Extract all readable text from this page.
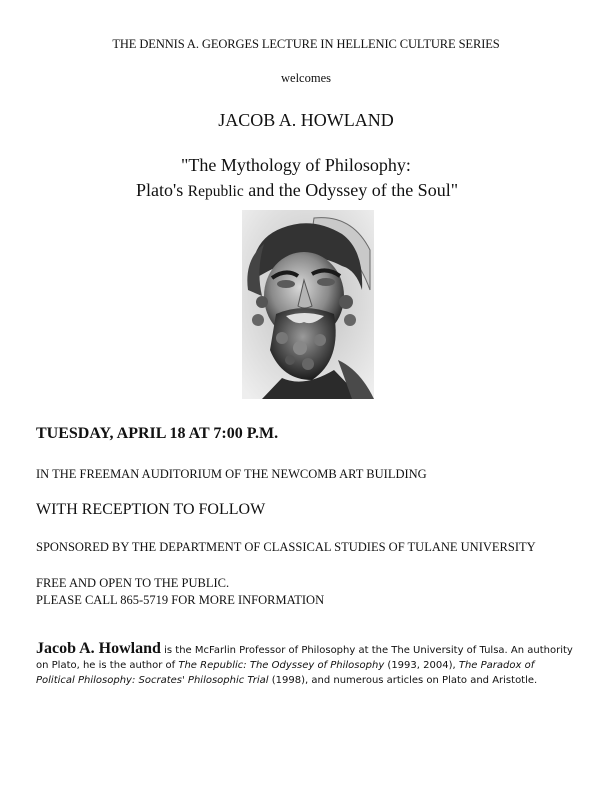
THE DENNIS A. GEORGES LECTURE IN HELLENIC CULTURE SERIES
welcomes
JACOB A. HOWLAND
"The Mythology of Philosophy:
Plato's Republic and the Odyssey of the Soul"
TUESDAY, APRIL 18 AT 7:00 P.M.
IN THE FREEMAN AUDITORIUM OF THE NEWCOMB ART BUILDING
WITH RECEPTION TO FOLLOW
SPONSORED BY THE DEPARTMENT OF CLASSICAL STUDIES OF TULANE UNIVERSITY
FREE AND OPEN TO THE PUBLIC.
PLEASE CALL 865-5719 FOR MORE INFORMATION
Jacob A. Howland is the McFarlin Professor of Philosophy at the The University of Tulsa. An authority on Plato, he is the author of The Republic: The Odyssey of Philosophy (1993, 2004), The Paradox of Political Philosophy: Socrates' Philosophic Trial (1998), and numerous articles on Plato and Aristotle.
